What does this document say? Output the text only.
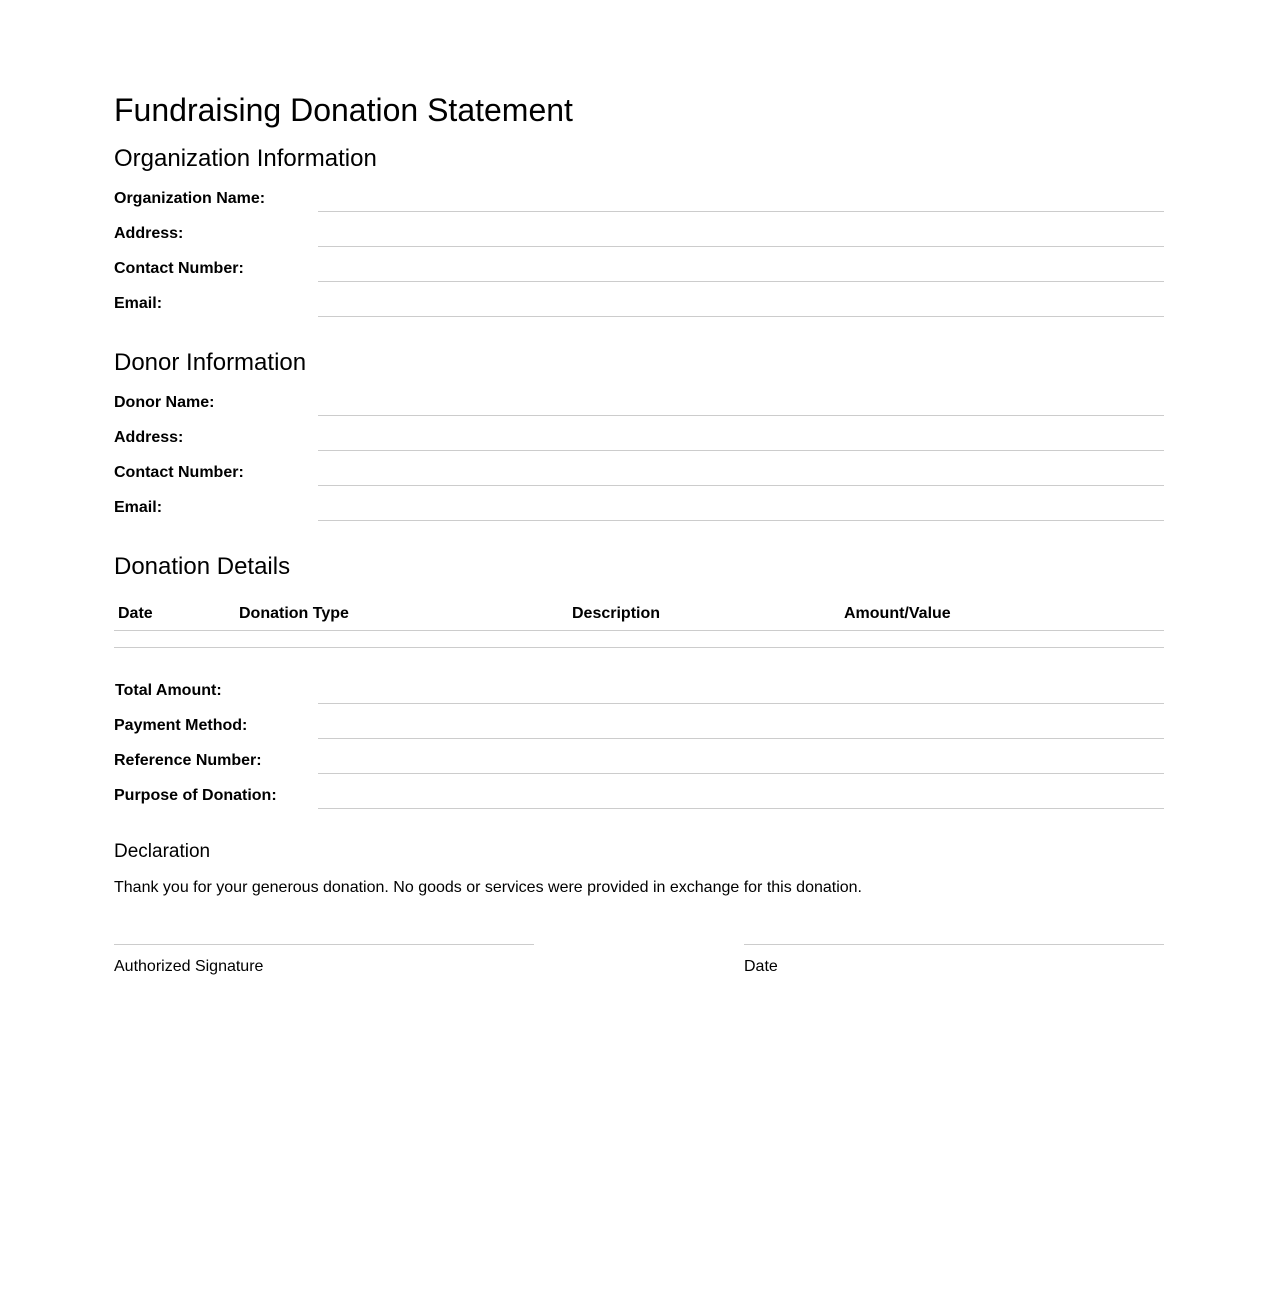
Fundraising Donation Statement
Organization Information
Organization Name:
Address:
Contact Number:
Email:
Donor Information
Donor Name:
Address:
Contact Number:
Email:
Donation Details
Date	Donation Type	Description	Amount/Value
Total Amount:
Payment Method:
Reference Number:
Purpose of Donation:
Declaration

Thank you for your generous donation. No goods or services were provided in exchange for this donation.

Authorized Signature	Date
